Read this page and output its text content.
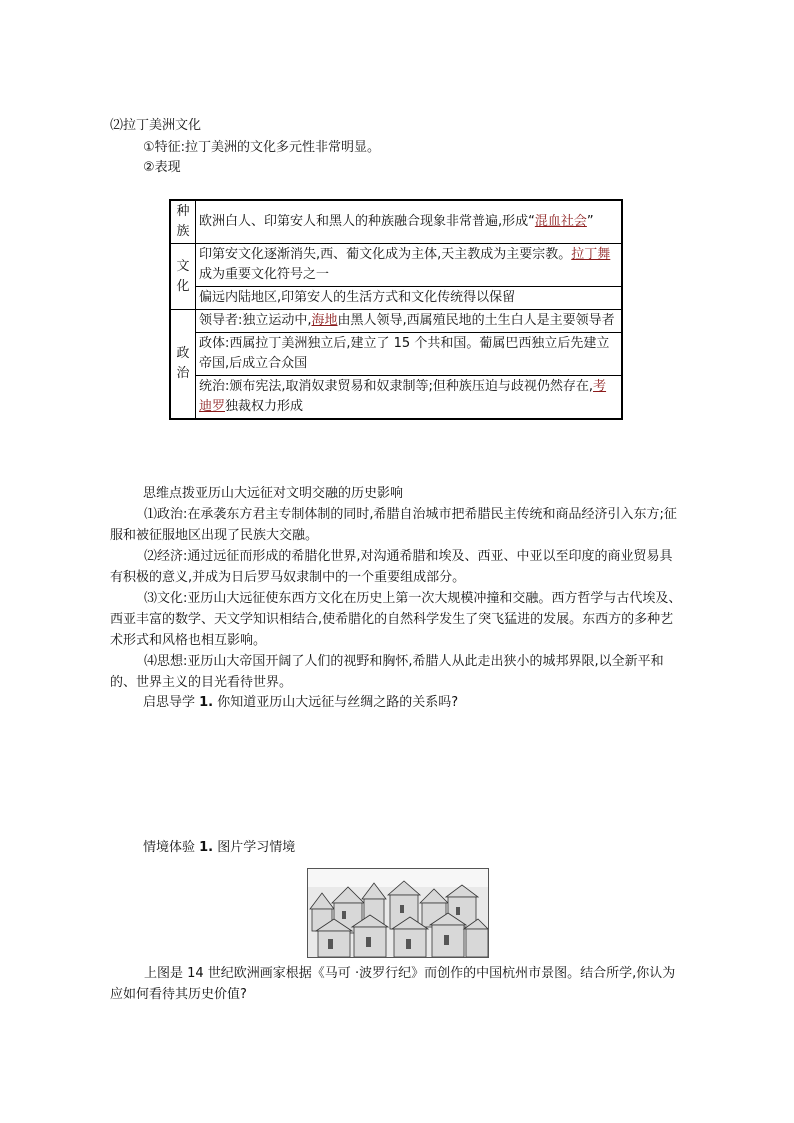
⑵拉丁美洲文化
①特征:拉丁美洲的文化多元性非常明显。
②表现
种族	欧洲白人、印第安人和黑人的种族融合现象非常普遍,形成“混血社会”
文化	印第安文化逐渐消失,西、葡文化成为主体,天主教成为主要宗教。拉丁舞成为重要文化符号之一
	偏远内陆地区,印第安人的生活方式和文化传统得以保留
政治	领导者:独立运动中,海地由黑人领导,西属殖民地的土生白人是主要领导者
	政体:西属拉丁美洲独立后,建立了 15 个共和国。葡属巴西独立后先建立帝国,后成立合众国
	统治:颁布宪法,取消奴隶贸易和奴隶制等;但种族压迫与歧视仍然存在,考迪罗独裁权力形成
思维点拨亚历山大远征对文明交融的历史影响
⑴政治:在承袭东方君主专制体制的同时,希腊自治城市把希腊民主传统和商品经济引入东方;征服和被征服地区出现了民族大交融。
⑵经济:通过远征而形成的希腊化世界,对沟通希腊和埃及、西亚、中亚以至印度的商业贸易具有积极的意义,并成为日后罗马奴隶制中的一个重要组成部分。
⑶文化:亚历山大远征使东西方文化在历史上第一次大规模冲撞和交融。西方哲学与古代埃及、西亚丰富的数学、天文学知识相结合,使希腊化的自然科学发生了突飞猛进的发展。东西方的多种艺术形式和风格也相互影响。
⑷思想:亚历山大帝国开阔了人们的视野和胸怀,希腊人从此走出狭小的城邦界限,以全新平和的、世界主义的目光看待世界。
启思导学 1. 你知道亚历山大远征与丝绸之路的关系吗?
情境体验 1. 图片学习情境
上图是 14 世纪欧洲画家根据《马可 ·波罗行纪》而创作的中国杭州市景图。结合所学,你认为应如何看待其历史价值?
